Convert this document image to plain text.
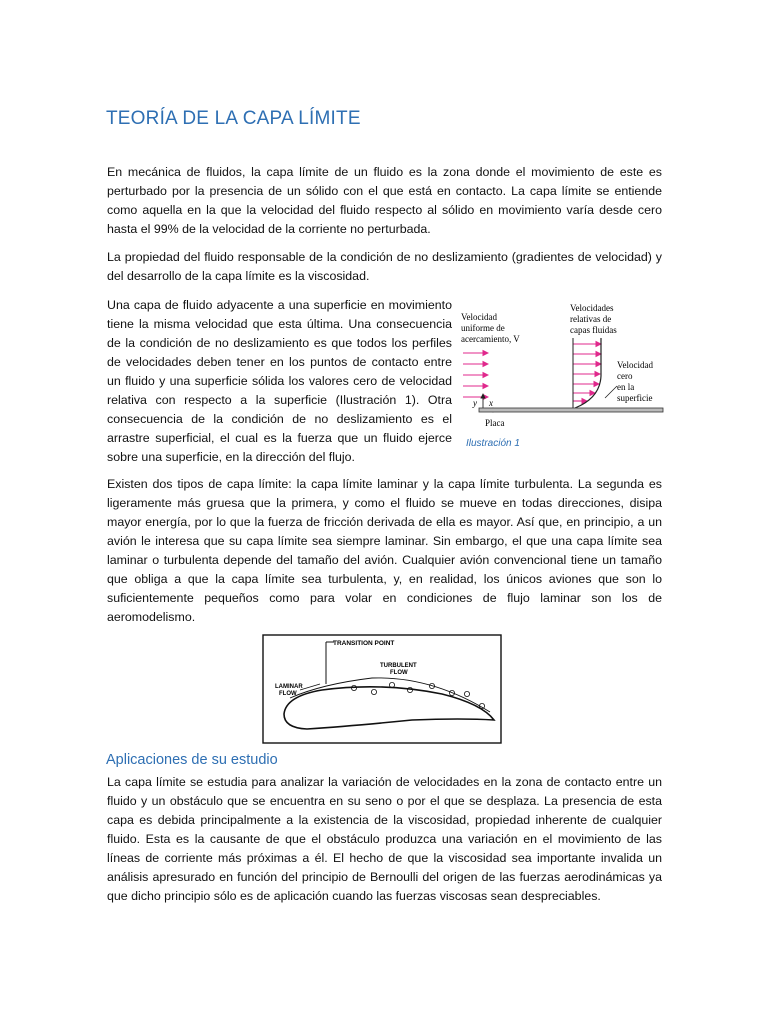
TEORÍA DE LA CAPA LÍMITE

En mecánica de fluidos, la capa límite de un fluido es la zona donde el movimiento de este es perturbado por la presencia de un sólido con el que está en contacto. La capa límite se entiende como aquella en la que la velocidad del fluido respecto al sólido en movimiento varía desde cero hasta el 99% de la velocidad de la corriente no perturbada.

La propiedad del fluido responsable de la condición de no deslizamiento (gradientes de velocidad) y del desarrollo de la capa límite es la viscosidad.

Una capa de fluido adyacente a una superficie en movimiento tiene la misma velocidad que esta última. Una consecuencia de la condición de no deslizamiento es que todos los perfiles de velocidades deben tener en los puntos de contacto entre un fluido y una superficie sólida los valores cero de velocidad relativa con respecto a la superficie (Ilustración 1). Otra consecuencia de la condición de no deslizamiento es el arrastre superficial, el cual es la fuerza que un fluido ejerce sobre una superficie, en la dirección del flujo.

Velocidad
uniforme de
acercamiento, V
Velocidades
relativas de
capas fluidas
Velocidad
cero
en la
superficie
y x
Placa
Ilustración 1

Existen dos tipos de capa límite: la capa límite laminar y la capa límite turbulenta. La segunda es ligeramente más gruesa que la primera, y como el fluido se mueve en todas direcciones, disipa mayor energía, por lo que la fuerza de fricción derivada de ella es mayor. Así que, en principio, a un avión le interesa que su capa límite sea siempre laminar. Sin embargo, el que una capa límite sea laminar o turbulenta depende del tamaño del avión. Cualquier avión convencional tiene un tamaño que obliga a que la capa límite sea turbulenta, y, en realidad, los únicos aviones que son lo suficientemente pequeños como para volar en condiciones de flujo laminar son los de aeromodelismo.

TRANSITION POINT
TURBULENT
FLOW
LAMINAR
FLOW
Aplicaciones de su estudio

La capa límite se estudia para analizar la variación de velocidades en la zona de contacto entre un fluido y un obstáculo que se encuentra en su seno o por el que se desplaza. La presencia de esta capa es debida principalmente a la existencia de la viscosidad, propiedad inherente de cualquier fluido. Esta es la causante de que el obstáculo produzca una variación en el movimiento de las líneas de corriente más próximas a él. El hecho de que la viscosidad sea importante invalida un análisis apresurado en función del principio de Bernoulli del origen de las fuerzas aerodinámicas ya que dicho principio sólo es de aplicación cuando las fuerzas viscosas sean despreciables.
